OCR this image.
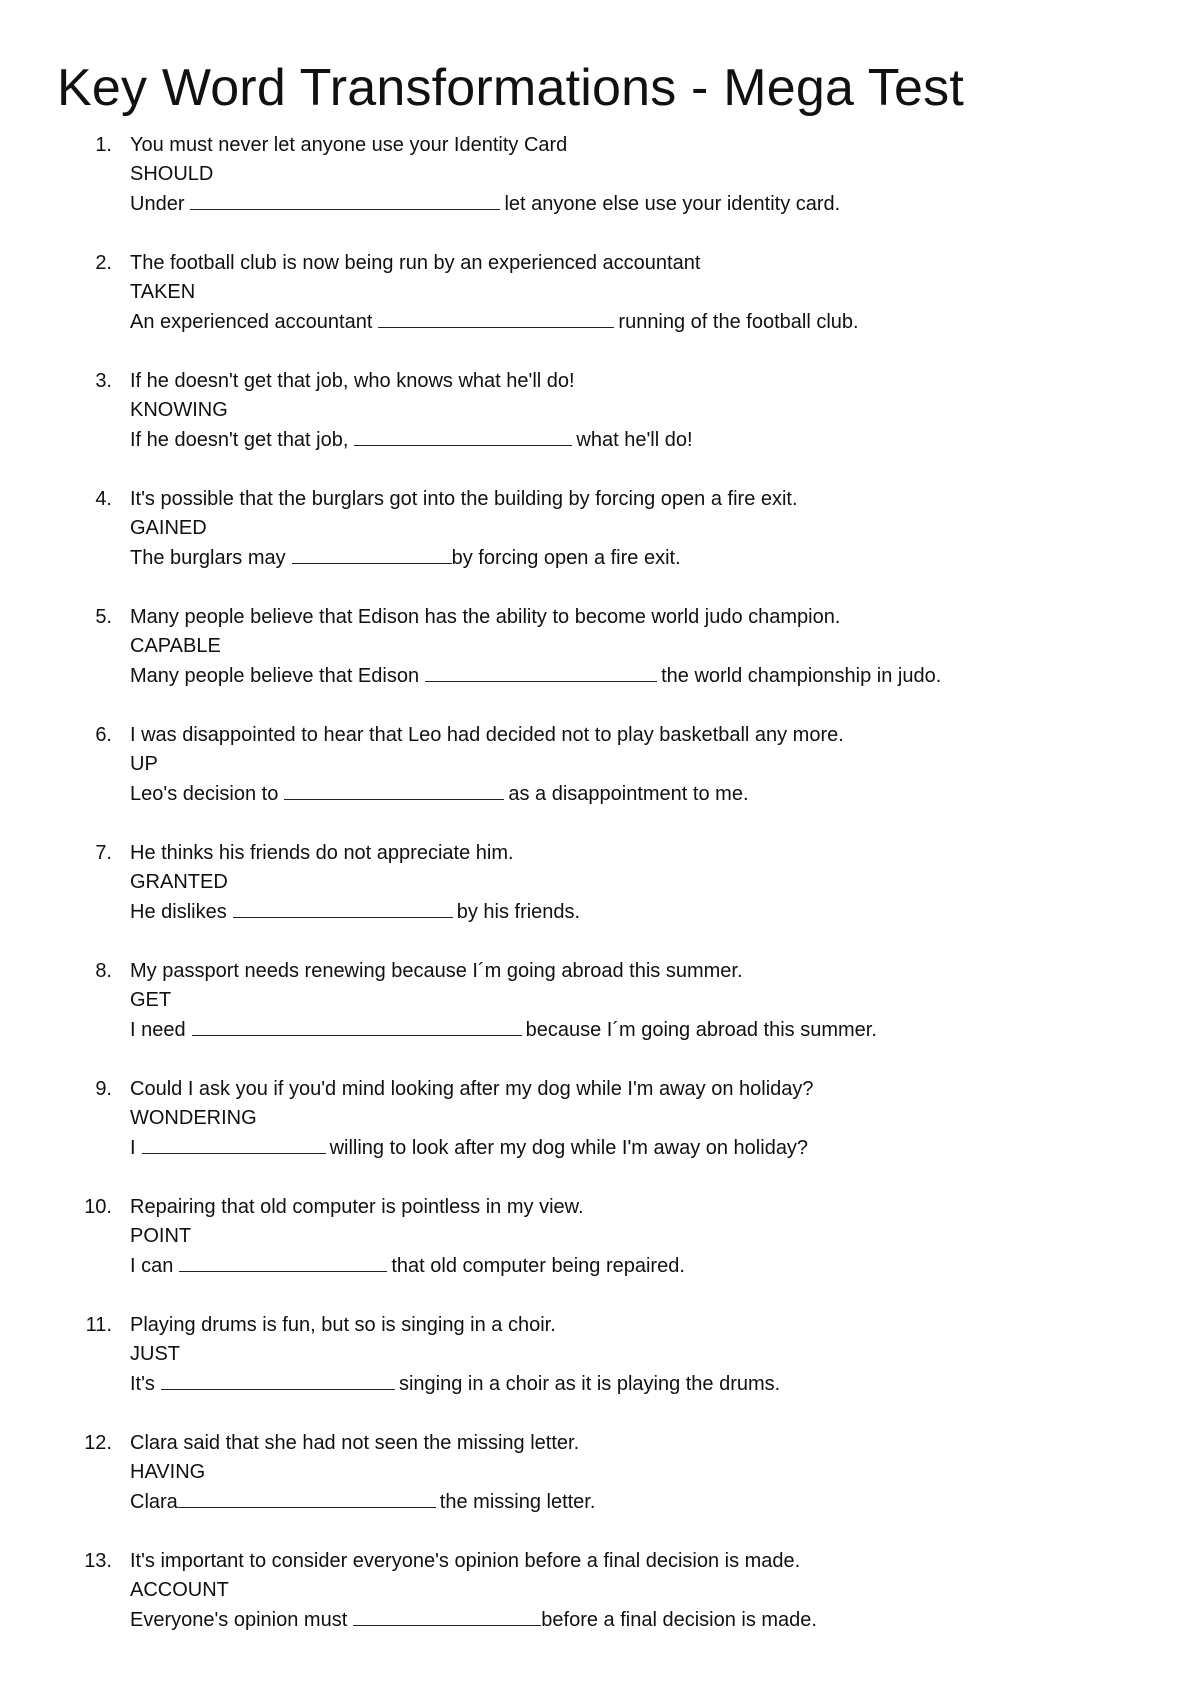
Key Word Transformations - Mega Test
1. You must never let anyone use your Identity Card
SHOULD
Under	let anyone else use your identity card.
2. The football club is now being run by an experienced accountant
TAKEN
An experienced accountant	running of the football club.
3. If he doesn't get that job, who knows what he'll do!
KNOWING
If he doesn't get that job,	what he'll do!
4. It's possible that the burglars got into the building by forcing open a fire exit.
GAINED
The burglars may	by forcing open a fire exit.
5. Many people believe that Edison has the ability to become world judo champion.
CAPABLE
Many people believe that Edison	the world championship in judo.
6. I was disappointed to hear that Leo had decided not to play basketball any more.
UP
Leo's decision to	as a disappointment to me.
7. He thinks his friends do not appreciate him.
GRANTED
He dislikes	by his friends.
8. My passport needs renewing because I´m going abroad this summer.
GET
I need	because I´m going abroad this summer.
9. Could I ask you if you'd mind looking after my dog while I'm away on holiday?
WONDERING
I	willing to look after my dog while I'm away on holiday?
10. Repairing that old computer is pointless in my view.
POINT
I can	that old computer being repaired.
11. Playing drums is fun, but so is singing in a choir.
JUST
It's	singing in a choir as it is playing the drums.
12. Clara said that she had not seen the missing letter.
HAVING
Clara	the missing letter.
13. It's important to consider everyone's opinion before a final decision is made.
ACCOUNT
Everyone's opinion must	before a final decision is made.
